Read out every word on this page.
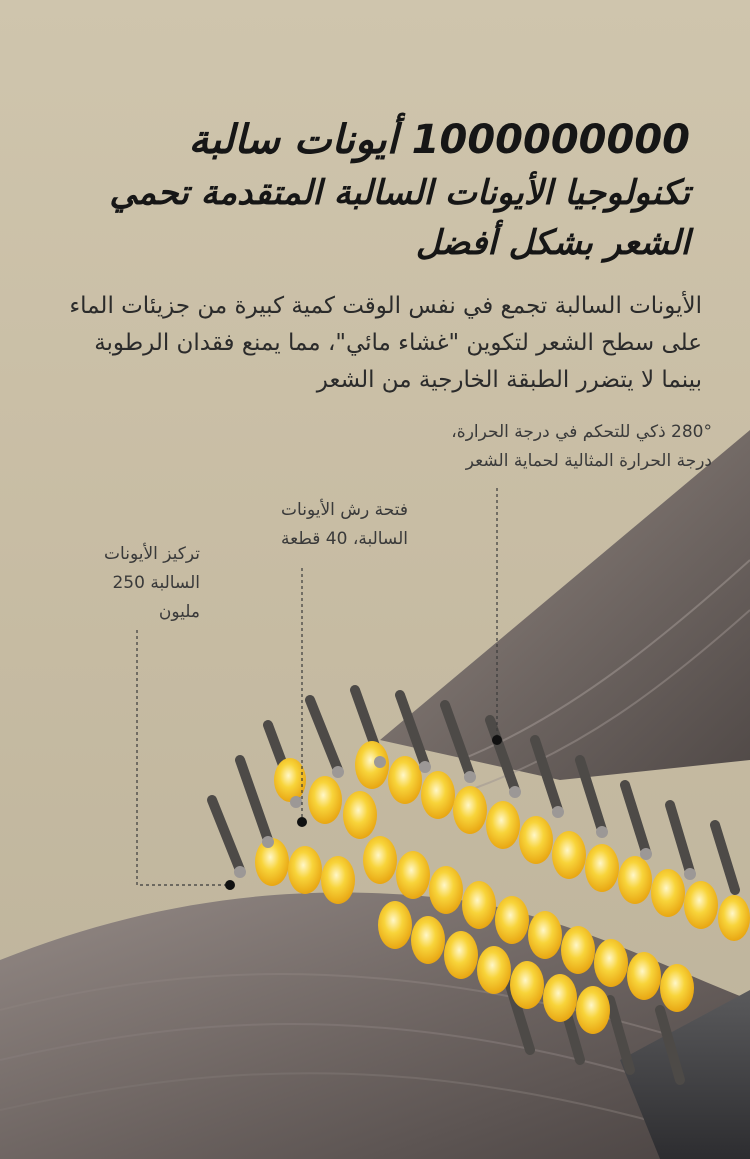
1000000000 أيونات سالبة
تكنولوجيا الأيونات السالبة المتقدمة تحمي
الشعر بشكل أفضل
الأيونات السالبة تجمع في نفس الوقت كمية كبيرة من جزيئات الماء على سطح الشعر لتكوين "غشاء مائي"، مما يمنع فقدان الرطوبة بينما لا يتضرر الطبقة الخارجية من الشعر
280° ذكي للتحكم في درجة الحرارة،
درجة الحرارة المثالية لحماية الشعر
فتحة رش الأيونات
السالبة، 40 قطعة
تركيز الأيونات
السالبة 250
مليون
